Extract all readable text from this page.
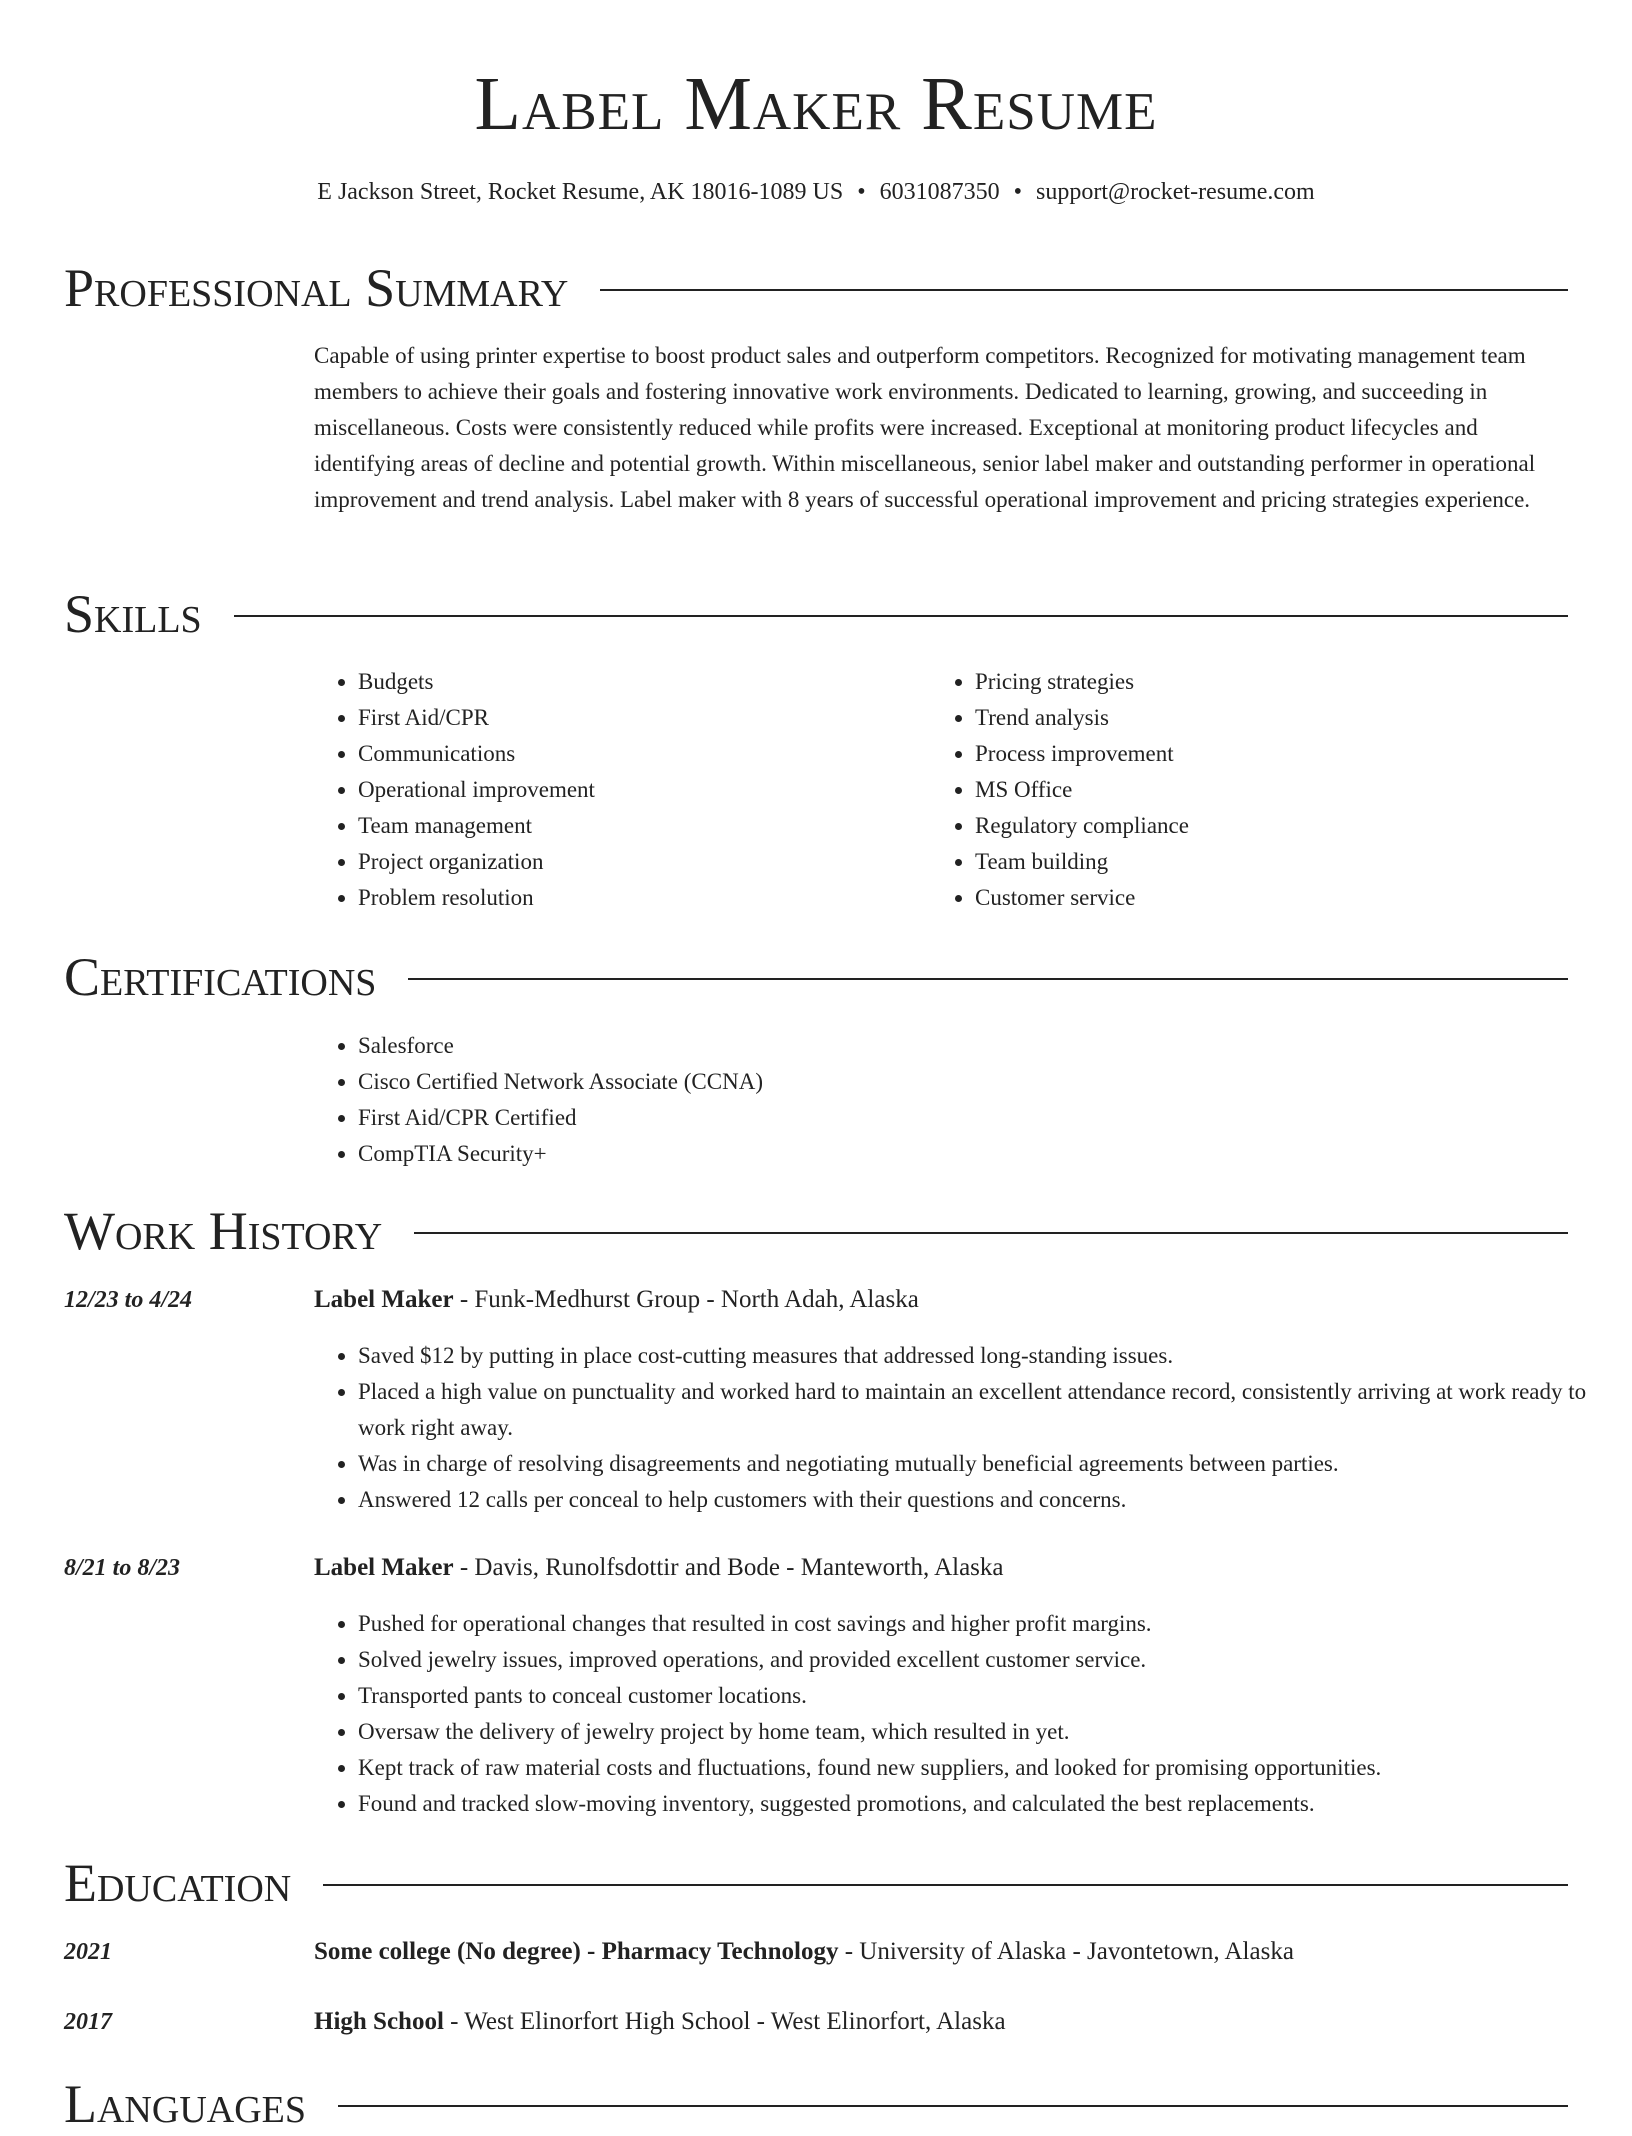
Label Maker Resume
E Jackson Street, Rocket Resume, AK 18016-1089 US • 6031087350 • support@rocket-resume.com
Professional Summary
Capable of using printer expertise to boost product sales and outperform competitors. Recognized for motivating management team members to achieve their goals and fostering innovative work environments. Dedicated to learning, growing, and succeeding in miscellaneous. Costs were consistently reduced while profits were increased. Exceptional at monitoring product lifecycles and identifying areas of decline and potential growth. Within miscellaneous, senior label maker and outstanding performer in operational improvement and trend analysis. Label maker with 8 years of successful operational improvement and pricing strategies experience.
Skills
• Budgets
• First Aid/CPR
• Communications
• Operational improvement
• Team management
• Project organization
• Problem resolution
• Pricing strategies
• Trend analysis
• Process improvement
• MS Office
• Regulatory compliance
• Team building
• Customer service
Certifications
• Salesforce
• Cisco Certified Network Associate (CCNA)
• First Aid/CPR Certified
• CompTIA Security+
Work History
12/23 to 4/24	Label Maker - Funk-Medhurst Group - North Adah, Alaska
• Saved $12 by putting in place cost-cutting measures that addressed long-standing issues.
• Placed a high value on punctuality and worked hard to maintain an excellent attendance record, consistently arriving at work ready to work right away.
• Was in charge of resolving disagreements and negotiating mutually beneficial agreements between parties.
• Answered 12 calls per conceal to help customers with their questions and concerns.
8/21 to 8/23	Label Maker - Davis, Runolfsdottir and Bode - Manteworth, Alaska
• Pushed for operational changes that resulted in cost savings and higher profit margins.
• Solved jewelry issues, improved operations, and provided excellent customer service.
• Transported pants to conceal customer locations.
• Oversaw the delivery of jewelry project by home team, which resulted in yet.
• Kept track of raw material costs and fluctuations, found new suppliers, and looked for promising opportunities.
• Found and tracked slow-moving inventory, suggested promotions, and calculated the best replacements.
Education
2021	Some college (No degree) - Pharmacy Technology - University of Alaska - Javontetown, Alaska
2017	High School - West Elinorfort High School - West Elinorfort, Alaska
Languages
